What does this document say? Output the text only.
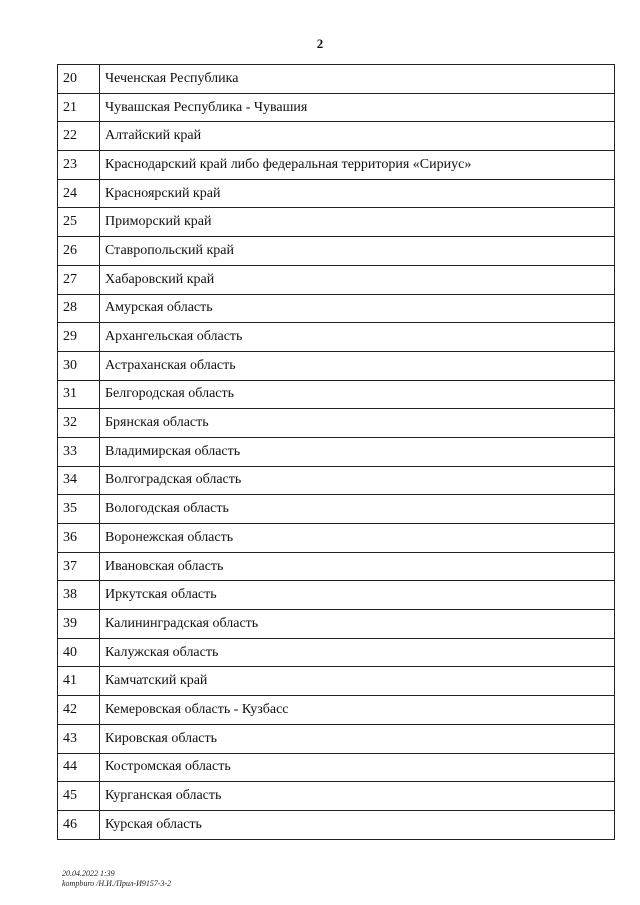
2
20	Чеченская Республика
21	Чувашская Республика - Чувашия
22	Алтайский край
23	Краснодарский край либо федеральная территория «Сириус»
24	Красноярский край
25	Приморский край
26	Ставропольский край
27	Хабаровский край
28	Амурская область
29	Архангельская область
30	Астраханская область
31	Белгородская область
32	Брянская область
33	Владимирская область
34	Волгоградская область
35	Вологодская область
36	Воронежская область
37	Ивановская область
38	Иркутская область
39	Калининградская область
40	Калужская область
41	Камчатский край
42	Кемеровская область - Кузбасс
43	Кировская область
44	Костромская область
45	Курганская область
46	Курская область
20.04.2022 1:39
kompburo /Н.И./Прил-И9157-3-2
